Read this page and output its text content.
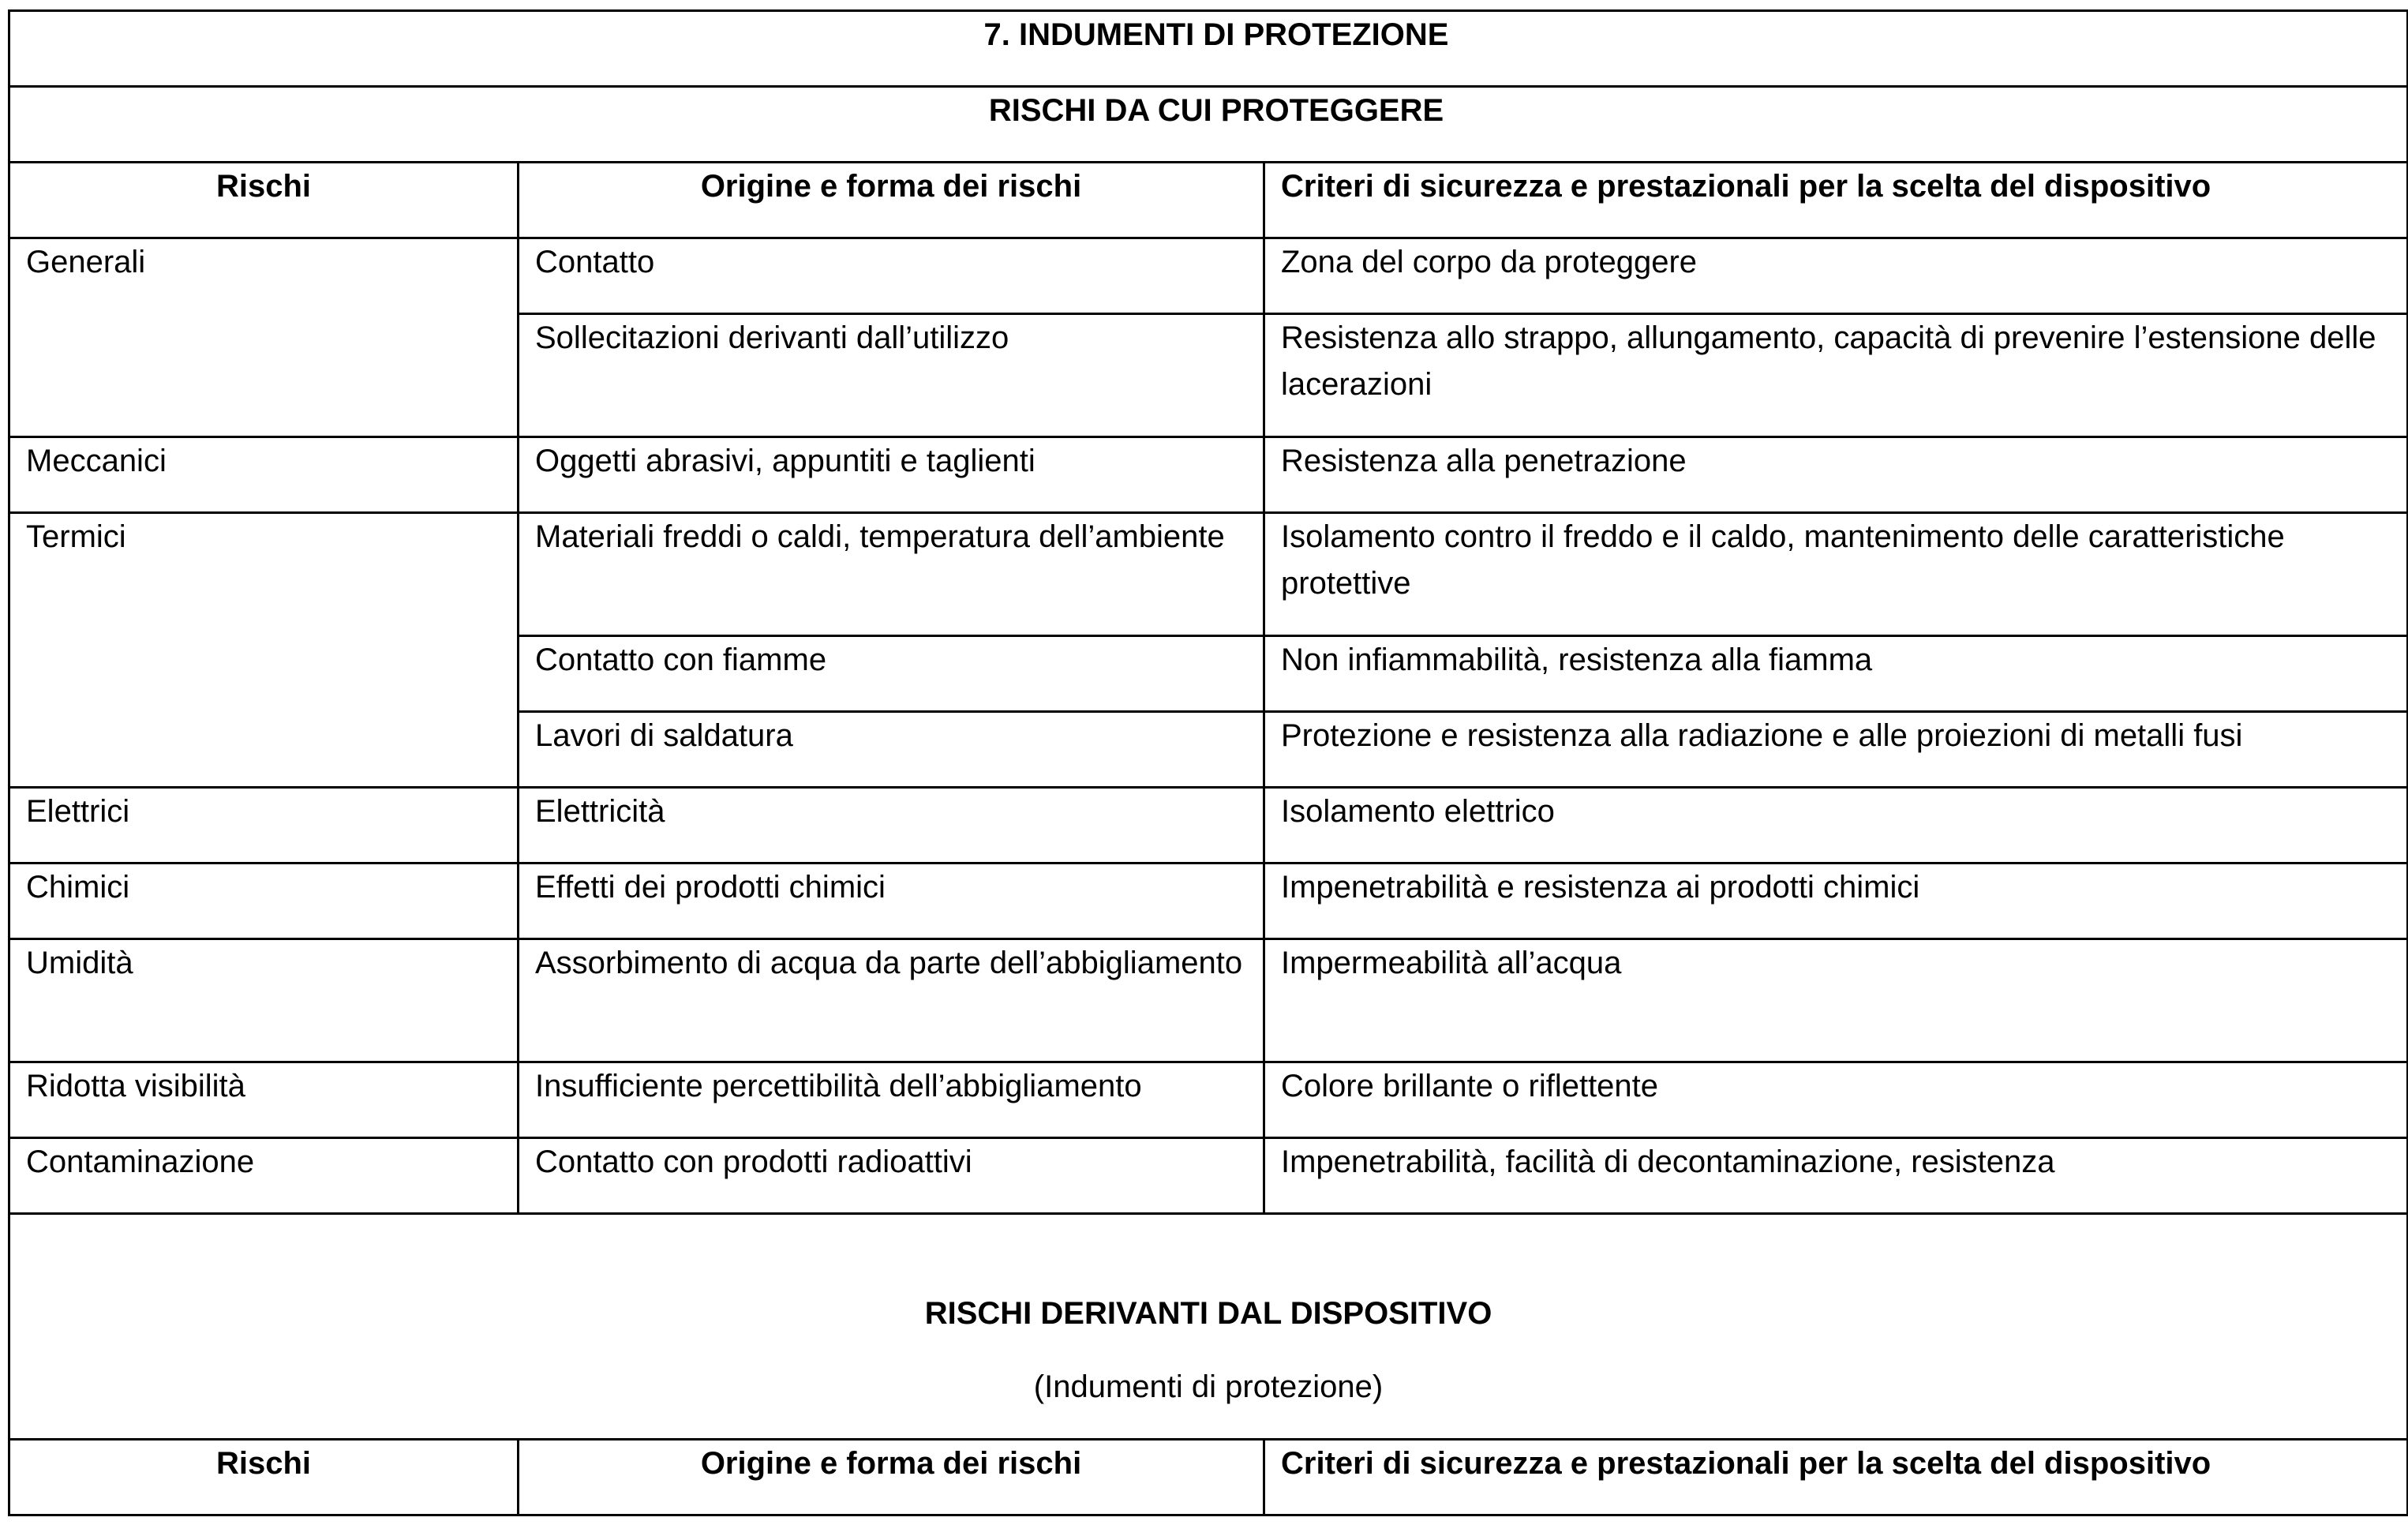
7. INDUMENTI DI PROTEZIONE		
RISCHI DA CUI PROTEGGERE		
Rischi	Origine e forma dei rischi	Criteri di sicurezza e prestazionali per la scelta del dispositivo
Generali	Contatto	Zona del corpo da proteggere
	Sollecitazioni derivanti dall’utilizzo	Resistenza allo strappo, allungamento, capacità di prevenire l’estensione delle lacerazioni
Meccanici	Oggetti abrasivi, appuntiti e taglienti	Resistenza alla penetrazione
Termici	Materiali freddi o caldi, temperatura dell’ambiente	Isolamento contro il freddo e il caldo, mantenimento delle caratteristiche protettive
	Contatto con fiamme	Non infiammabilità, resistenza alla fiamma
	Lavori di saldatura	Protezione e resistenza alla radiazione e alle proiezioni di metalli fusi
Elettrici	Elettricità	Isolamento elettrico
Chimici	Effetti dei prodotti chimici	Impenetrabilità e resistenza ai prodotti chimici
Umidità	Assorbimento di acqua da parte dell’abbigliamento	Impermeabilità all’acqua
Ridotta visibilità	Insufficiente percettibilità dell’abbigliamento	Colore brillante o riflettente
Contaminazione	Contatto con prodotti radioattivi	Impenetrabilità, facilità di decontaminazione, resistenza

RISCHI DERIVANTI DAL DISPOSITIVO
(Indumenti di protezione)		

Rischi	Origine e forma dei rischi	Criteri di sicurezza e prestazionali per la scelta del dispositivo
